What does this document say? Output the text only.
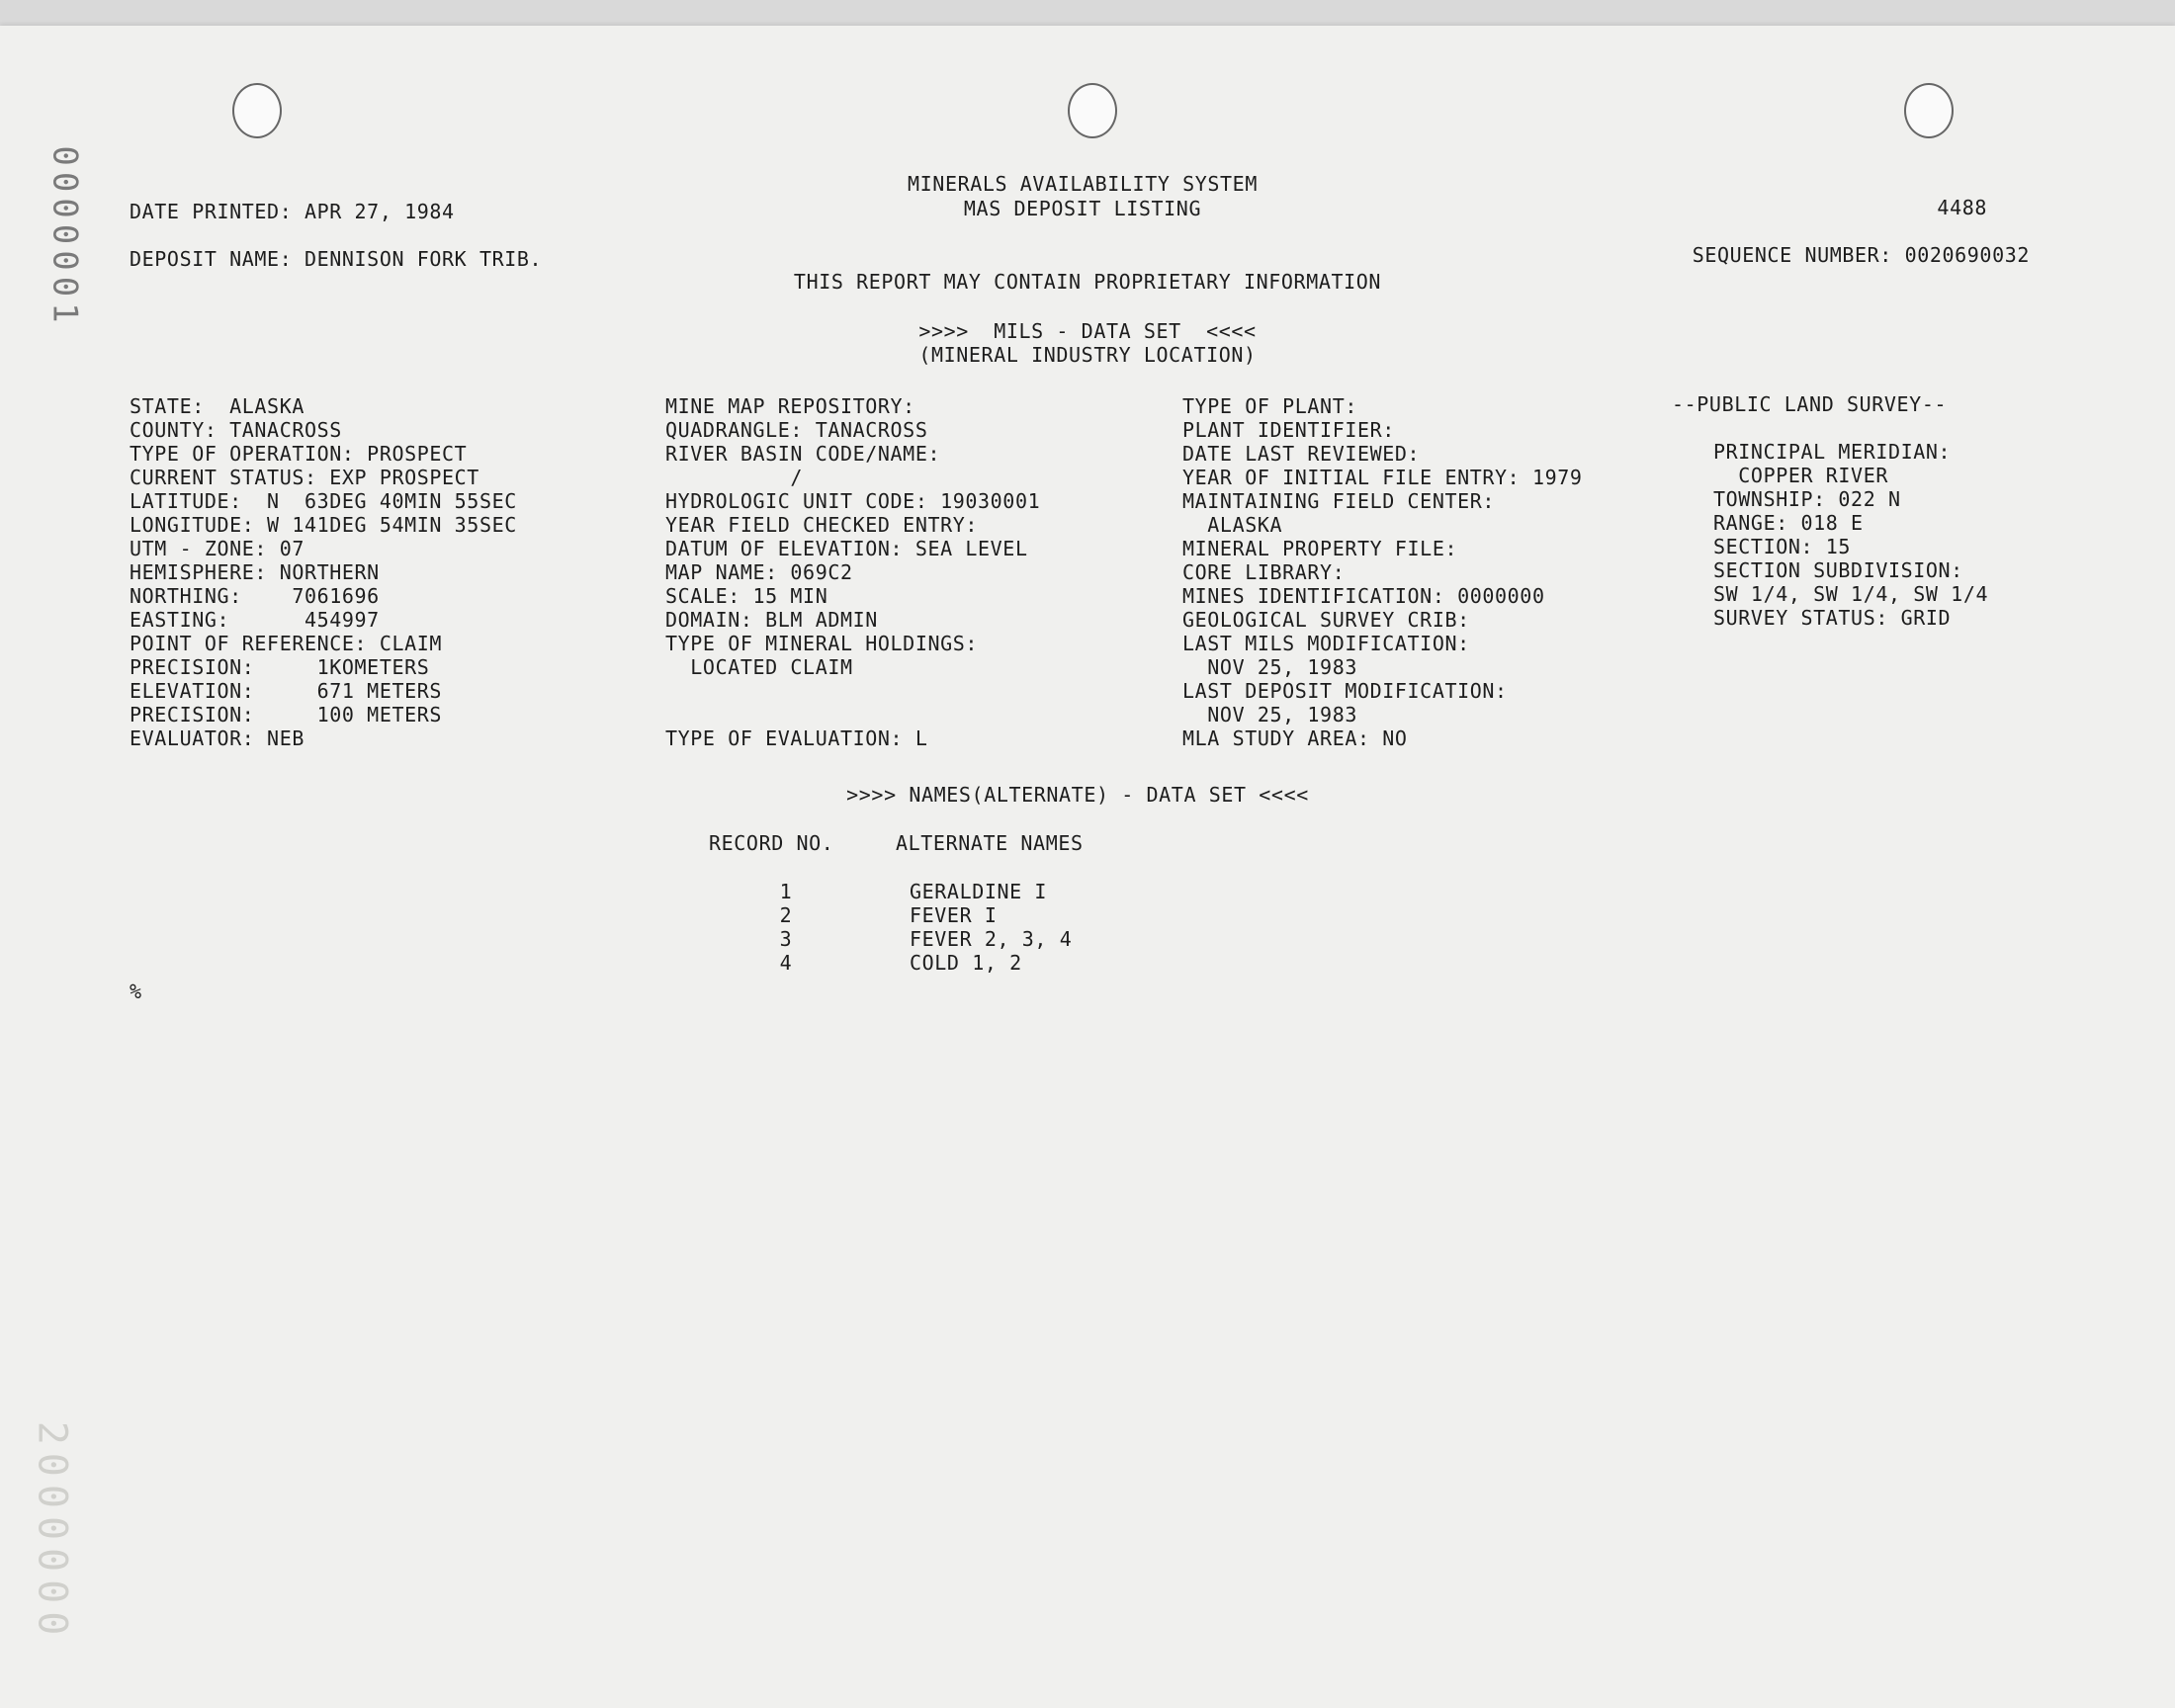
0000001
2000000
MINERALS AVAILABILITY SYSTEM
MAS DEPOSIT LISTING
DATE PRINTED: APR 27, 1984	4488
DEPOSIT NAME: DENNISON FORK TRIB.	SEQUENCE NUMBER: 0020690032
THIS REPORT MAY CONTAIN PROPRIETARY INFORMATION
>>>>  MILS - DATA SET  <<<<
(MINERAL INDUSTRY LOCATION)
STATE:  ALASKA
COUNTY: TANACROSS
TYPE OF OPERATION: PROSPECT
CURRENT STATUS: EXP PROSPECT
LATITUDE:  N  63DEG 40MIN 55SEC
LONGITUDE: W 141DEG 54MIN 35SEC
UTM - ZONE: 07
HEMISPHERE: NORTHERN
NORTHING:    7061696
EASTING:      454997
POINT OF REFERENCE: CLAIM
PRECISION:     1KOMETERS
ELEVATION:     671 METERS
PRECISION:     100 METERS
EVALUATOR: NEB
MINE MAP REPOSITORY:
QUADRANGLE: TANACROSS
RIVER BASIN CODE/NAME:
/
HYDROLOGIC UNIT CODE: 19030001
YEAR FIELD CHECKED ENTRY:
DATUM OF ELEVATION: SEA LEVEL
MAP NAME: 069C2
SCALE: 15 MIN
DOMAIN: BLM ADMIN
TYPE OF MINERAL HOLDINGS:
LOCATED CLAIM

TYPE OF EVALUATION: L
TYPE OF PLANT:
PLANT IDENTIFIER:
DATE LAST REVIEWED:
YEAR OF INITIAL FILE ENTRY: 1979
MAINTAINING FIELD CENTER:
ALASKA
MINERAL PROPERTY FILE:
CORE LIBRARY:
MINES IDENTIFICATION: 0000000
GEOLOGICAL SURVEY CRIB:
LAST MILS MODIFICATION:
NOV 25, 1983
LAST DEPOSIT MODIFICATION:
NOV 25, 1983
MLA STUDY AREA: NO
--PUBLIC LAND SURVEY--
PRINCIPAL MERIDIAN:
COPPER RIVER
TOWNSHIP: 022 N
RANGE: 018 E
SECTION: 15
SECTION SUBDIVISION:
SW 1/4, SW 1/4, SW 1/4
SURVEY STATUS: GRID
>>>> NAMES(ALTERNATE) - DATA SET <<<<
RECORD NO.	ALTERNATE NAMES
1	GERALDINE I
2	FEVER I
3	FEVER 2, 3, 4
4	COLD 1, 2
%
